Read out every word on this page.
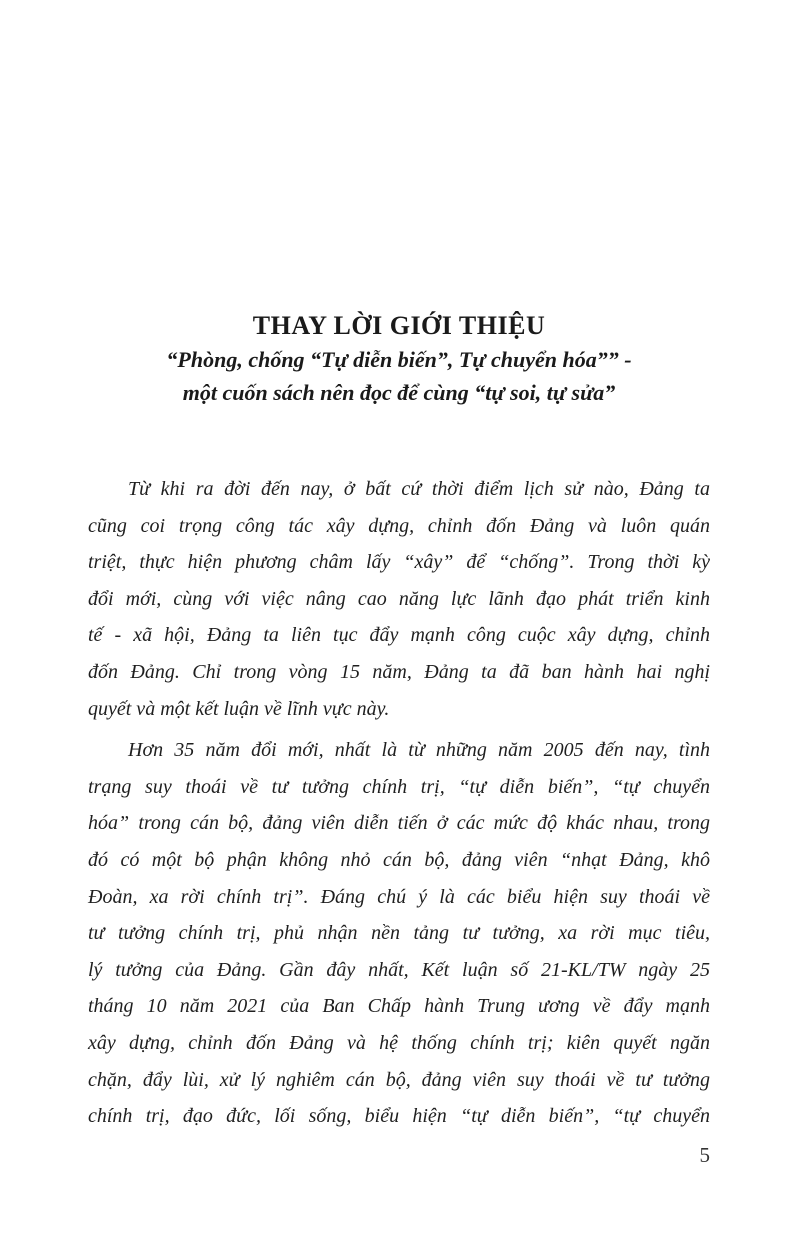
THAY LỜI GIỚI THIỆU
“Phòng, chống “Tự diễn biến”, Tự chuyển hóa”” -
một cuốn sách nên đọc để cùng “tự soi, tự sửa”
Từ khi ra đời đến nay, ở bất cứ thời điểm lịch sử nào, Đảng ta
cũng coi trọng công tác xây dựng, chỉnh đốn Đảng và luôn quán
triệt, thực hiện phương châm lấy “xây” để “chống”. Trong thời kỳ
đổi mới, cùng với việc nâng cao năng lực lãnh đạo phát triển kinh
tế - xã hội, Đảng ta liên tục đẩy mạnh công cuộc xây dựng, chỉnh
đốn Đảng. Chỉ trong vòng 15 năm, Đảng ta đã ban hành hai nghị
quyết và một kết luận về lĩnh vực này.
Hơn 35 năm đổi mới, nhất là từ những năm 2005 đến nay, tình
trạng suy thoái về tư tưởng chính trị, “tự diễn biến”, “tự chuyển
hóa” trong cán bộ, đảng viên diễn tiến ở các mức độ khác nhau, trong
đó có một bộ phận không nhỏ cán bộ, đảng viên “nhạt Đảng, khô
Đoàn, xa rời chính trị”. Đáng chú ý là các biểu hiện suy thoái về
tư tưởng chính trị, phủ nhận nền tảng tư tưởng, xa rời mục tiêu,
lý tưởng của Đảng. Gần đây nhất, Kết luận số 21-KL/TW ngày 25
tháng 10 năm 2021 của Ban Chấp hành Trung ương về đẩy mạnh
xây dựng, chỉnh đốn Đảng và hệ thống chính trị; kiên quyết ngăn
chặn, đẩy lùi, xử lý nghiêm cán bộ, đảng viên suy thoái về tư tưởng
chính trị, đạo đức, lối sống, biểu hiện “tự diễn biến”, “tự chuyển
5
